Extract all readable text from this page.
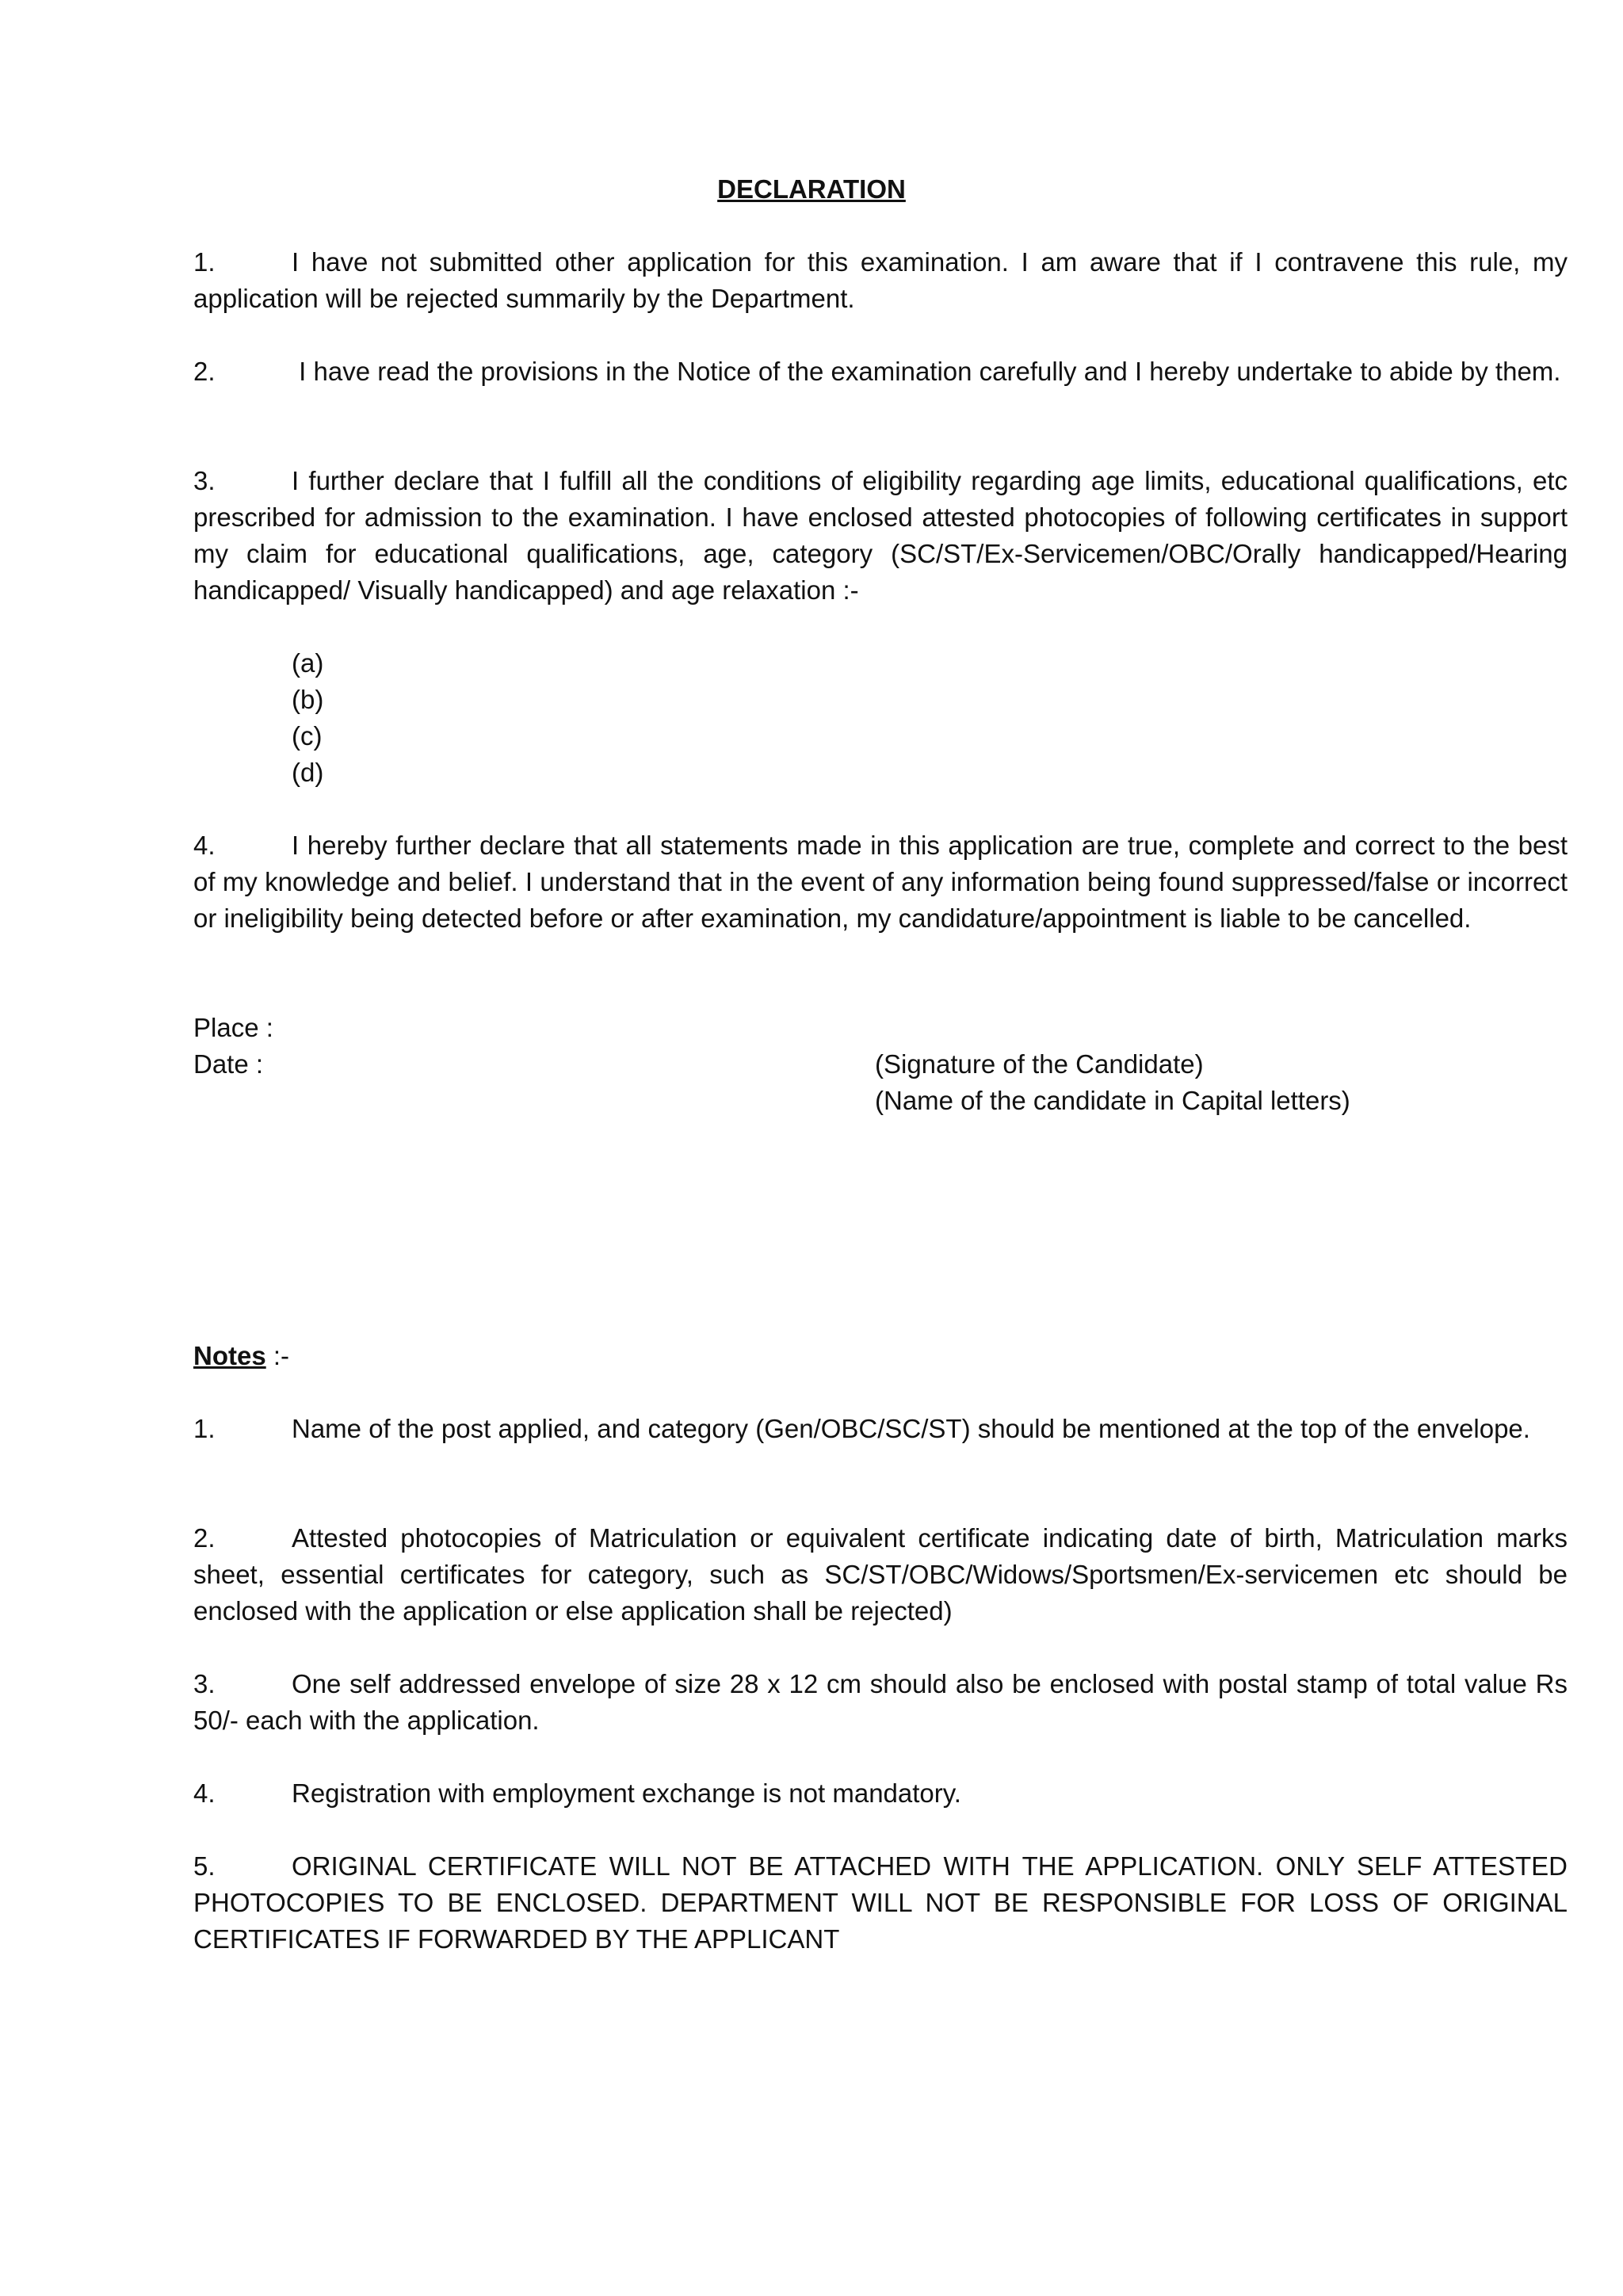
DECLARATION

1.	I have not submitted other application for this examination. I am aware that if I contravene this rule, my application will be rejected summarily by the Department.

2.	I have read the provisions in the Notice of the examination carefully and I hereby undertake to abide by them.

3.	I further declare that I fulfill all the conditions of eligibility regarding age limits, educational qualifications, etc prescribed for admission to the examination. I have enclosed attested photocopies of following certificates in support my claim for educational qualifications, age, category (SC/ST/Ex-Servicemen/OBC/Orally handicapped/Hearing handicapped/ Visually handicapped) and age relaxation :-

(a)
(b)
(c)
(d)

4.	I hereby further declare that all statements made in this application are true, complete and correct to the best of my knowledge and belief. I understand that in the event of any information being found suppressed/false or incorrect or ineligibility being detected before or after examination, my candidature/appointment is liable to be cancelled.

Place :

Date :	(Signature of the Candidate)

(Name of the candidate in Capital letters)

Notes :-

1.	Name of the post applied, and category (Gen/OBC/SC/ST) should be mentioned at the top of the envelope.

2.	Attested photocopies of Matriculation or equivalent certificate indicating date of birth, Matriculation marks sheet, essential certificates for category, such as SC/ST/OBC/Widows/Sportsmen/Ex-servicemen etc should be enclosed with the application or else application shall be rejected)

3.	One self addressed envelope of size 28 x 12 cm should also be enclosed with postal stamp of total value Rs 50/- each with the application.

4.	Registration with employment exchange is not mandatory.

5.	ORIGINAL CERTIFICATE WILL NOT BE ATTACHED WITH THE APPLICATION. ONLY SELF ATTESTED PHOTOCOPIES TO BE ENCLOSED. DEPARTMENT WILL NOT BE RESPONSIBLE FOR LOSS OF ORIGINAL CERTIFICATES IF FORWARDED BY THE APPLICANT
